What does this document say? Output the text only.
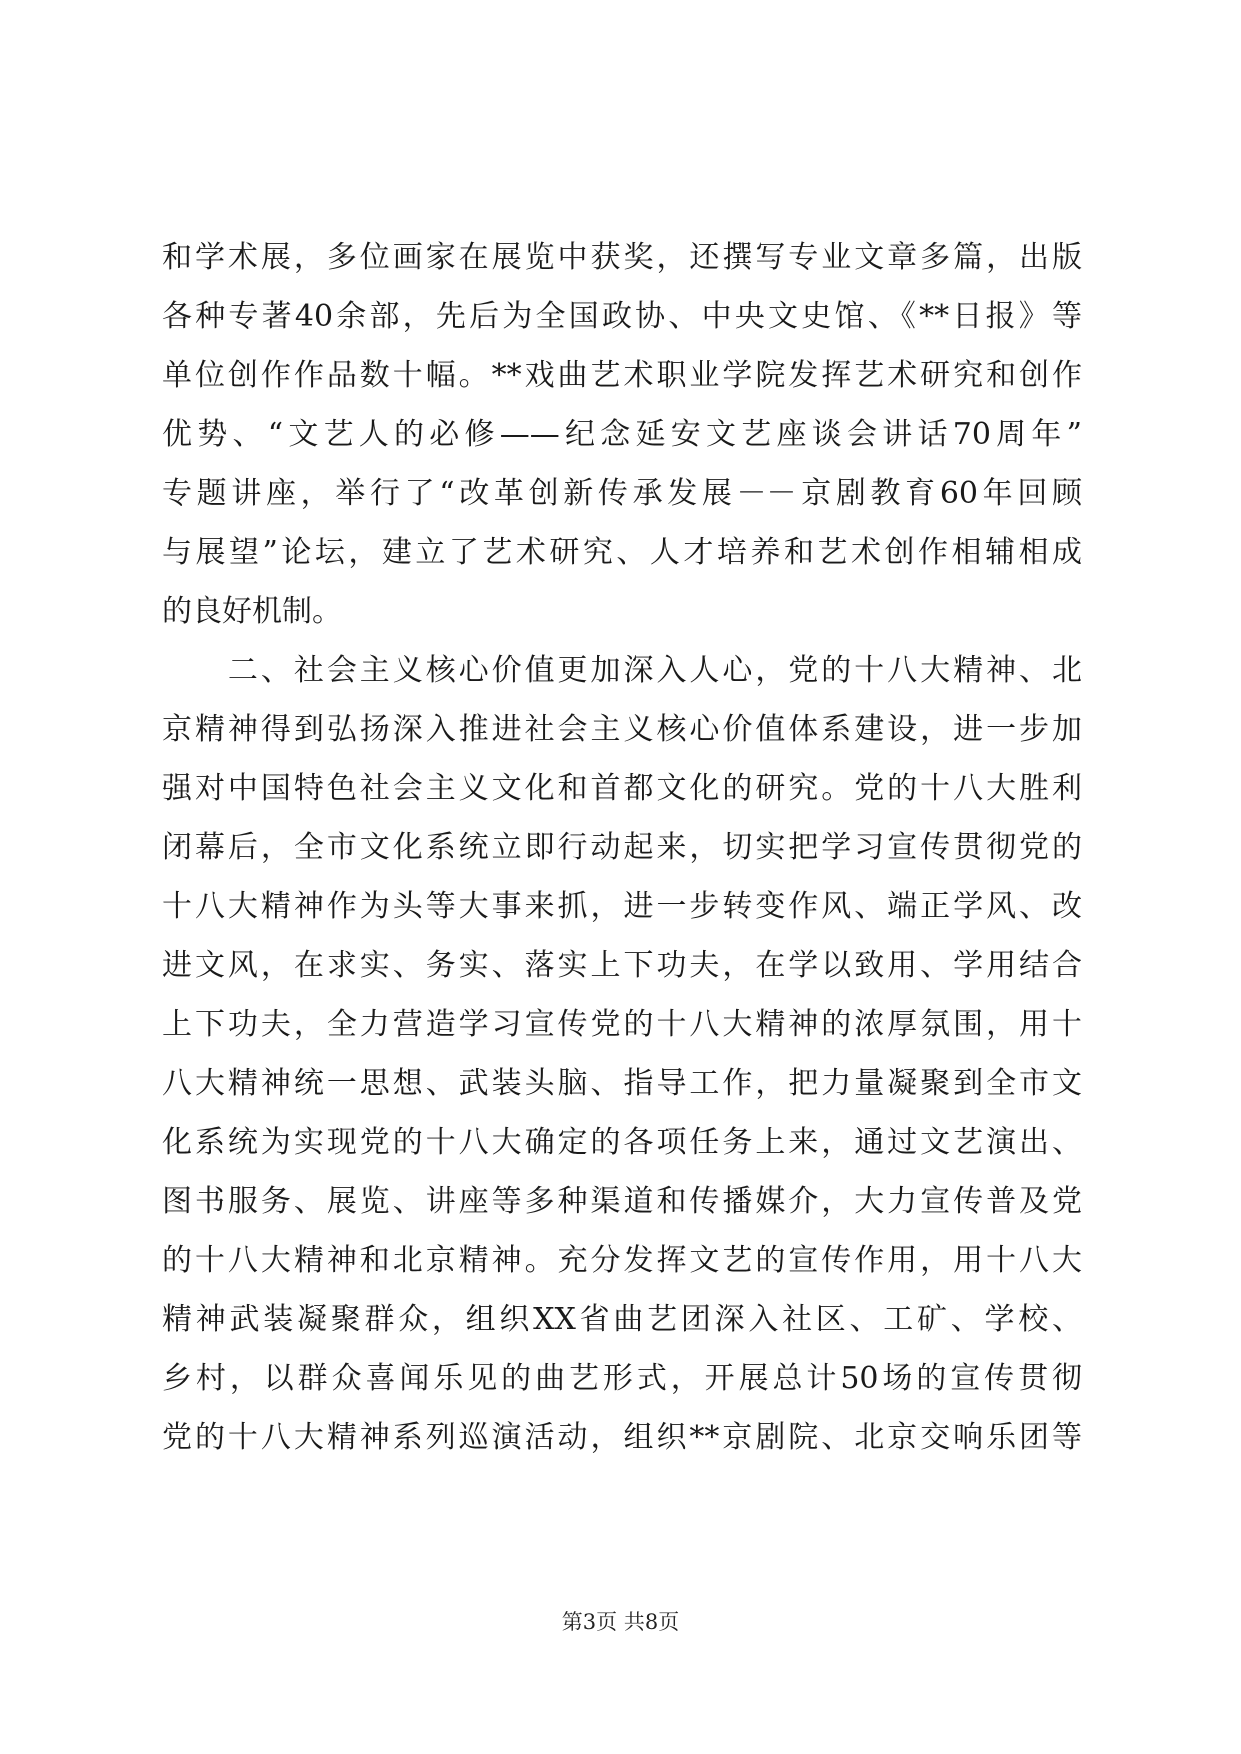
和学术展，多位画家在展览中获奖，还撰写专业文章多篇，出版
各种专著40余部，先后为全国政协、中央文史馆、《**日报》等
单位创作作品数十幅。**戏曲艺术职业学院发挥艺术研究和创作
优势、“文艺人的必修——纪念延安文艺座谈会讲话70周年”
专题讲座，举行了“改革创新传承发展－－京剧教育60年回顾
与展望”论坛，建立了艺术研究、人才培养和艺术创作相辅相成
的良好机制。
　　二、社会主义核心价值更加深入人心，党的十八大精神、北
京精神得到弘扬深入推进社会主义核心价值体系建设，进一步加
强对中国特色社会主义文化和首都文化的研究。党的十八大胜利
闭幕后，全市文化系统立即行动起来，切实把学习宣传贯彻党的
十八大精神作为头等大事来抓，进一步转变作风、端正学风、改
进文风，在求实、务实、落实上下功夫，在学以致用、学用结合
上下功夫，全力营造学习宣传党的十八大精神的浓厚氛围，用十
八大精神统一思想、武装头脑、指导工作，把力量凝聚到全市文
化系统为实现党的十八大确定的各项任务上来，通过文艺演出、
图书服务、展览、讲座等多种渠道和传播媒介，大力宣传普及党
的十八大精神和北京精神。充分发挥文艺的宣传作用，用十八大
精神武装凝聚群众，组织XX省曲艺团深入社区、工矿、学校、
乡村，以群众喜闻乐见的曲艺形式，开展总计50场的宣传贯彻
党的十八大精神系列巡演活动，组织**京剧院、北京交响乐团等
第3页 共8页
